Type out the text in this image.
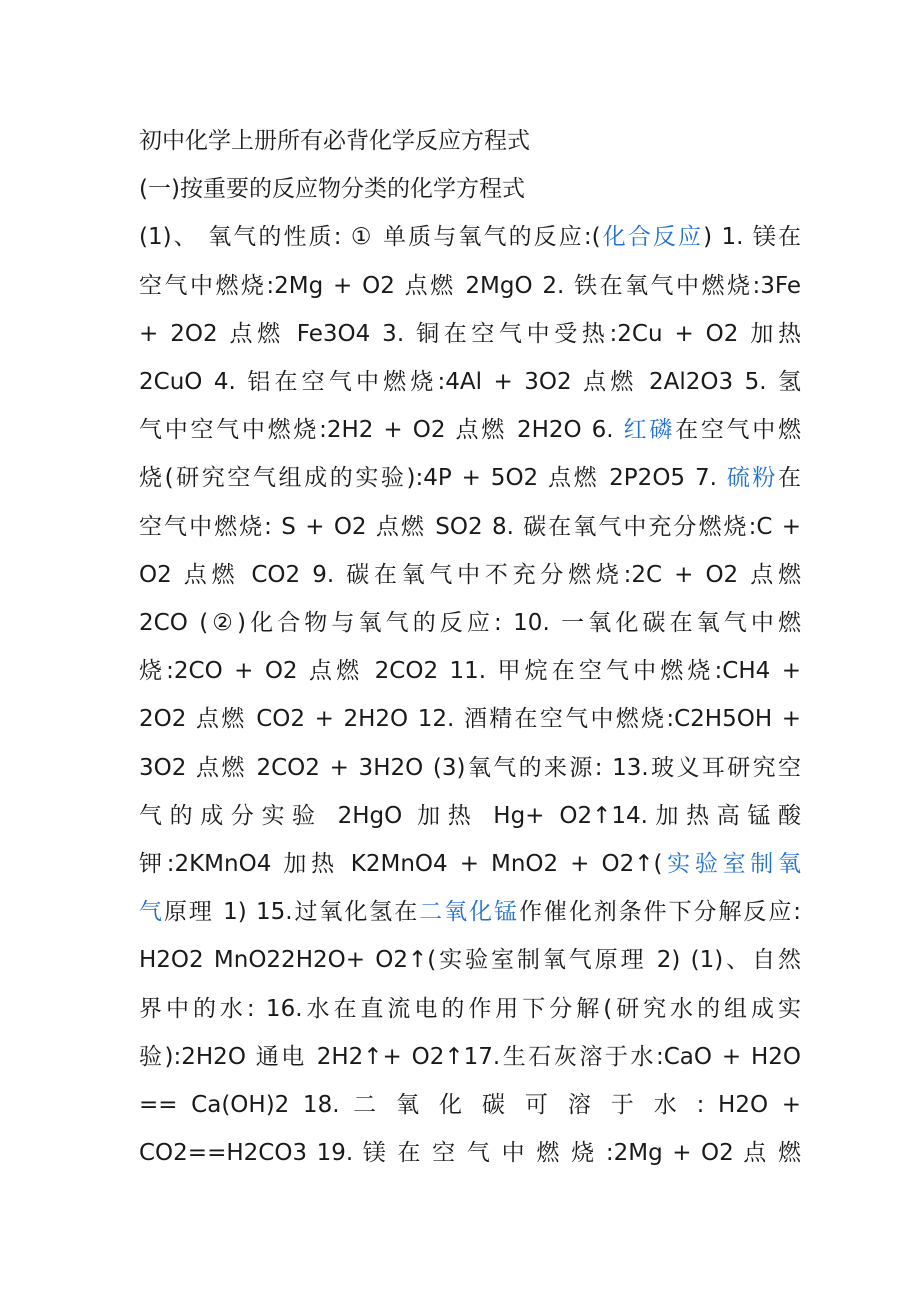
初中化学上册所有必背化学反应方程式
(一)按重要的反应物分类的化学方程式
(1)、 氧气的性质: ① 单质与氧气的反应:(化合反应) 1. 镁在
空气中燃烧:2Mg + O2 点燃 2MgO 2. 铁在氧气中燃烧:3Fe
+ 2O2 点燃 Fe3O4 3. 铜在空气中受热:2Cu + O2 加热
2CuO 4. 铝在空气中燃烧:4Al + 3O2 点燃 2Al2O3 5. 氢
气中空气中燃烧:2H2 + O2 点燃 2H2O 6. 红磷在空气中燃
烧(研究空气组成的实验):4P + 5O2 点燃 2P2O5 7. 硫粉在
空气中燃烧: S + O2 点燃 SO2 8. 碳在氧气中充分燃烧:C +
O2 点燃 CO2 9. 碳在氧气中不充分燃烧:2C + O2 点燃
2CO (②)化合物与氧气的反应: 10. 一氧化碳在氧气中燃
烧:2CO + O2 点燃 2CO2 11. 甲烷在空气中燃烧:CH4 +
2O2 点燃 CO2 + 2H2O 12. 酒精在空气中燃烧:C2H5OH +
3O2 点燃 2CO2 + 3H2O (3)氧气的来源: 13.玻义耳研究空
气的成分实验 2HgO 加热 Hg+ O2↑14.加热高锰酸
钾:2KMnO4 加热 K2MnO4 + MnO2 + O2↑(实验室制氧
气原理 1) 15.过氧化氢在二氧化锰作催化剂条件下分解反应:
H2O2 MnO22H2O+ O2↑(实验室制氧气原理 2) (1)、自然
界中的水: 16.水在直流电的作用下分解(研究水的组成实
验):2H2O 通电 2H2↑+ O2↑17.生石灰溶于水:CaO + H2O
== Ca(OH)2 18. 二 氧 化 碳 可 溶 于 水 : H2O +
CO2==H2CO3 19. 镁 在 空 气 中 燃 烧 :2Mg + O2 点 燃
